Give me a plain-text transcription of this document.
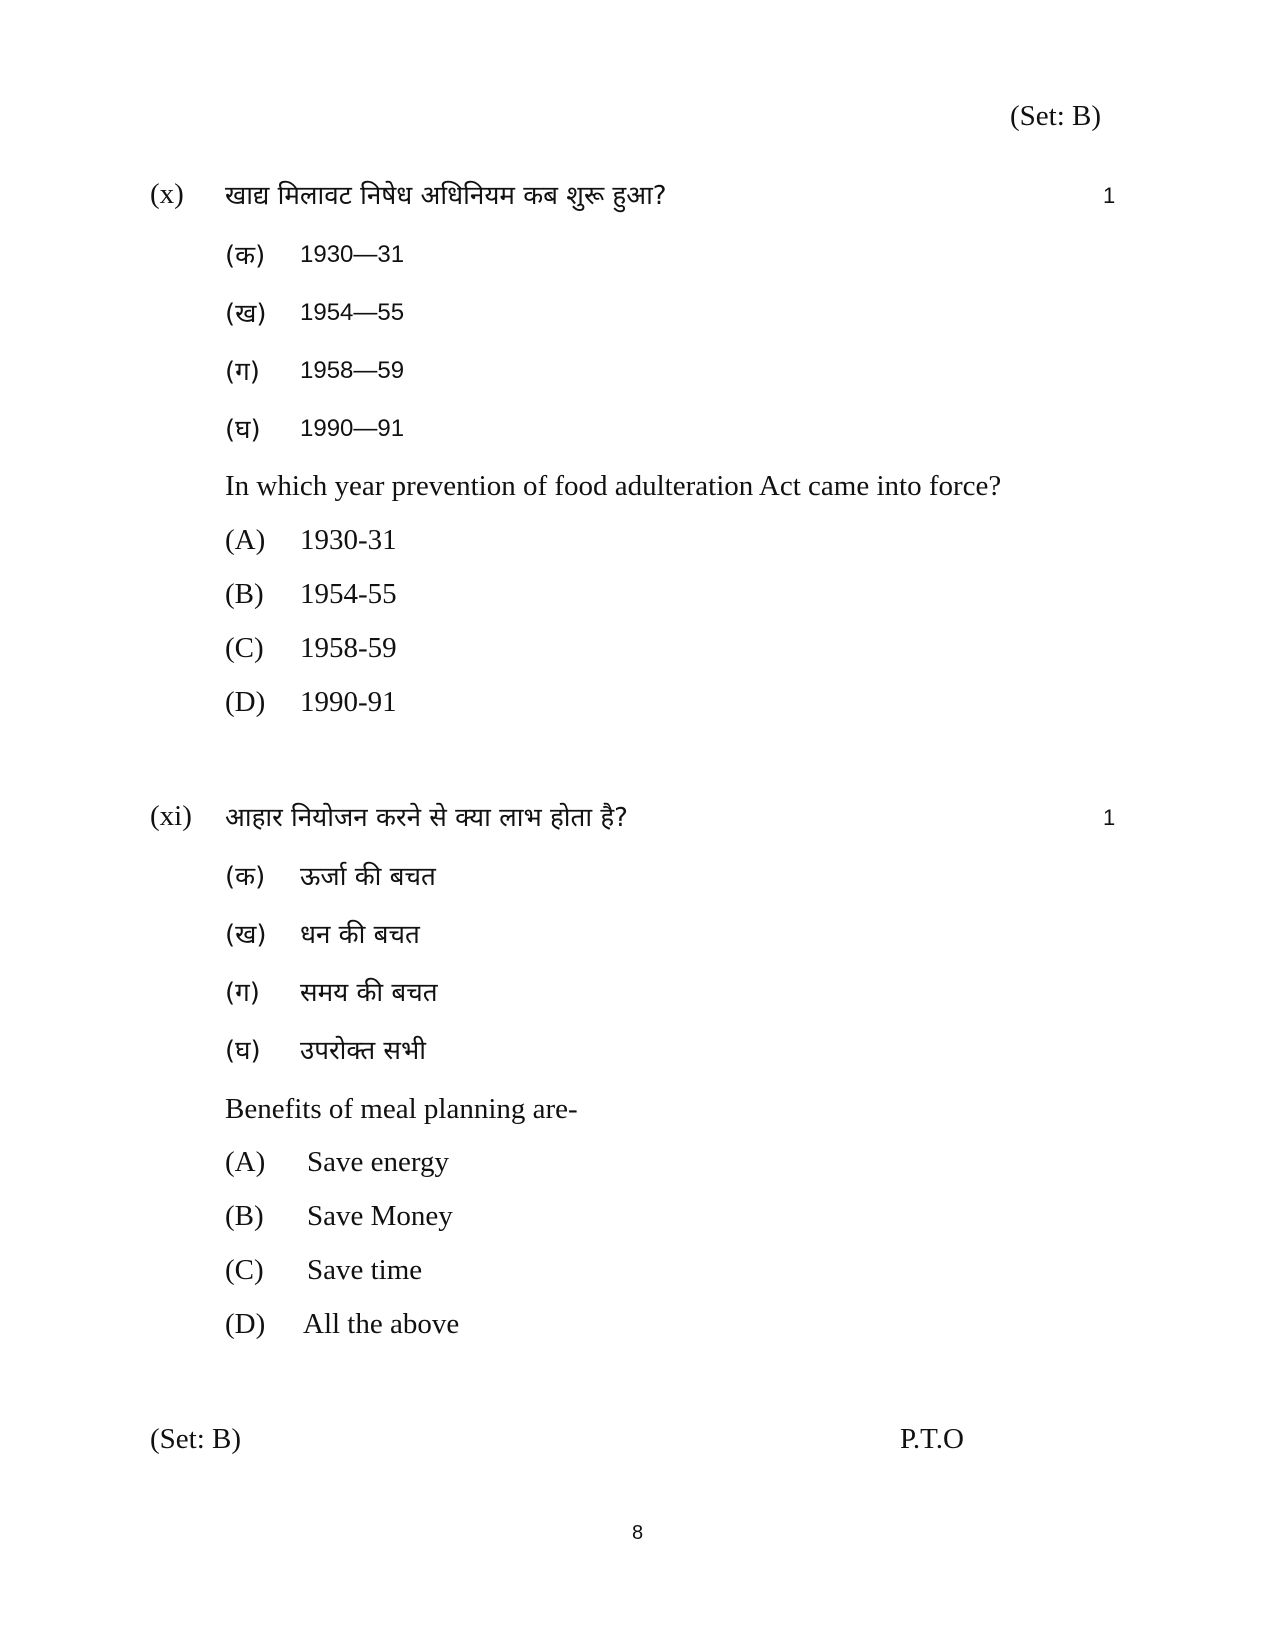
(Set: B)
(x) खाद्य मिलावट निषेध अधिनियम कब शुरू हुआ?	1
(क) 1930—31
(ख) 1954—55
(ग) 1958—59
(घ) 1990—91
In which year prevention of food adulteration Act came into force?
(A) 1930-31
(B) 1954-55
(C) 1958-59
(D) 1990-91
(xi) आहार नियोजन करने से क्या लाभ होता है?	1
(क) ऊर्जा की बचत
(ख) धन की बचत
(ग) समय की बचत
(घ) उपरोक्त सभी
Benefits of meal planning are-
(A) Save energy
(B) Save Money
(C) Save time
(D) All the above
(Set: B)	P.T.O
8
